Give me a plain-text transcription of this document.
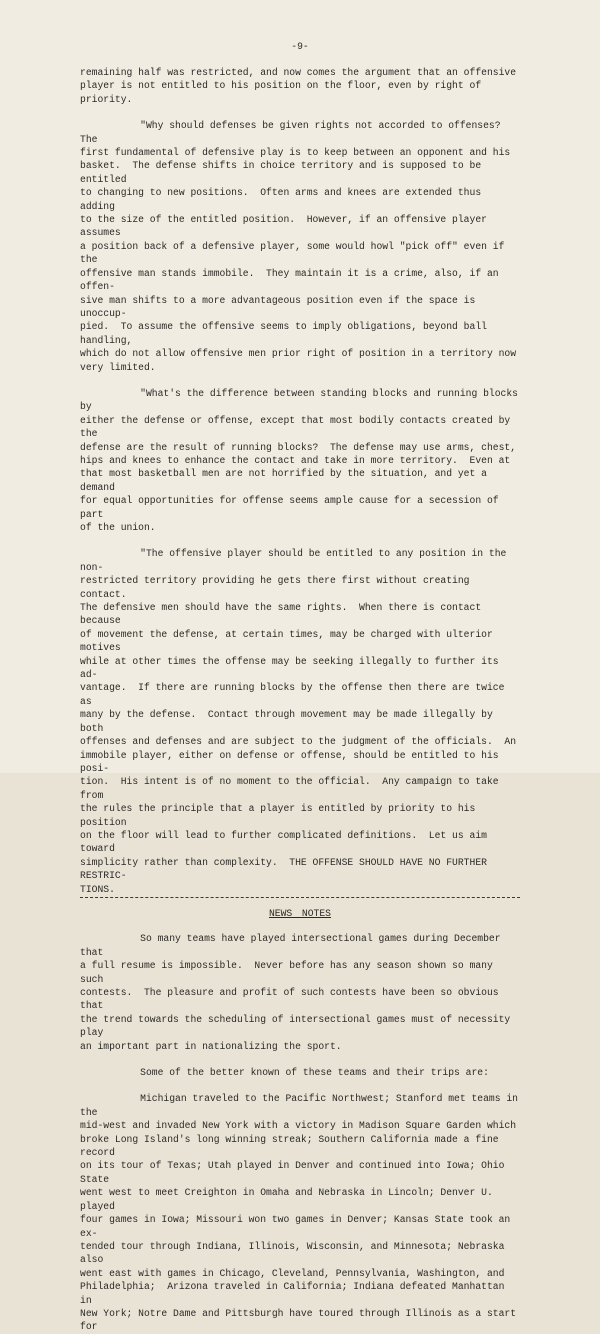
-9-

remaining half was restricted, and now comes the argument that an offensive
player is not entitled to his position on the floor, even by right of priority.

"Why should defenses be given rights not accorded to offenses?  The
first fundamental of defensive play is to keep between an opponent and his
basket.  The defense shifts in choice territory and is supposed to be entitled
to changing to new positions.  Often arms and knees are extended thus adding
to the size of the entitled position.  However, if an offensive player assumes
a position back of a defensive player, some would howl "pick off" even if the
offensive man stands immobile.  They maintain it is a crime, also, if an offen-
sive man shifts to a more advantageous position even if the space is unoccup-
pied.  To assume the offensive seems to imply obligations, beyond ball handling,
which do not allow offensive men prior right of position in a territory now
very limited.

"What's the difference between standing blocks and running blocks by
either the defense or offense, except that most bodily contacts created by the
defense are the result of running blocks?  The defense may use arms, chest,
hips and knees to enhance the contact and take in more territory.  Even at
that most basketball men are not horrified by the situation, and yet a demand
for equal opportunities for offense seems ample cause for a secession of part
of the union.

"The offensive player should be entitled to any position in the non-
restricted territory providing he gets there first without creating contact.
The defensive men should have the same rights.  When there is contact because
of movement the defense, at certain times, may be charged with ulterior motives
while at other times the offense may be seeking illegally to further its ad-
vantage.  If there are running blocks by the offense then there are twice as
many by the defense.  Contact through movement may be made illegally by both
offenses and defenses and are subject to the judgment of the officials.  An
immobile player, either on defense or offense, should be entitled to his posi-
tion.  His intent is of no moment to the official.  Any campaign to take from
the rules the principle that a player is entitled by priority to his position
on the floor will lead to further complicated definitions.  Let us aim toward
simplicity rather than complexity.  THE OFFENSE SHOULD HAVE NO FURTHER RESTRIC-
TIONS.

NEWS NOTES

So many teams have played intersectional games during December that
a full resume is impossible.  Never before has any season shown so many such
contests.  The pleasure and profit of such contests have been so obvious that
the trend towards the scheduling of intersectional games must of necessity play
an important part in nationalizing the sport.

Some of the better known of these teams and their trips are:

Michigan traveled to the Pacific Northwest; Stanford met teams in the
mid-west and invaded New York with a victory in Madison Square Garden which
broke Long Island's long winning streak; Southern California made a fine record
on its tour of Texas; Utah played in Denver and continued into Iowa; Ohio State
went west to meet Creighton in Omaha and Nebraska in Lincoln; Denver U. played
four games in Iowa; Missouri won two games in Denver; Kansas State took an ex-
tended tour through Indiana, Illinois, Wisconsin, and Minnesota; Nebraska also
went east with games in Chicago, Cleveland, Pennsylvania, Washington, and
Philadelphia;  Arizona traveled in California; Indiana defeated Manhattan in
New York; Notre Dame and Pittsburgh have toured through Illinois as a start for
